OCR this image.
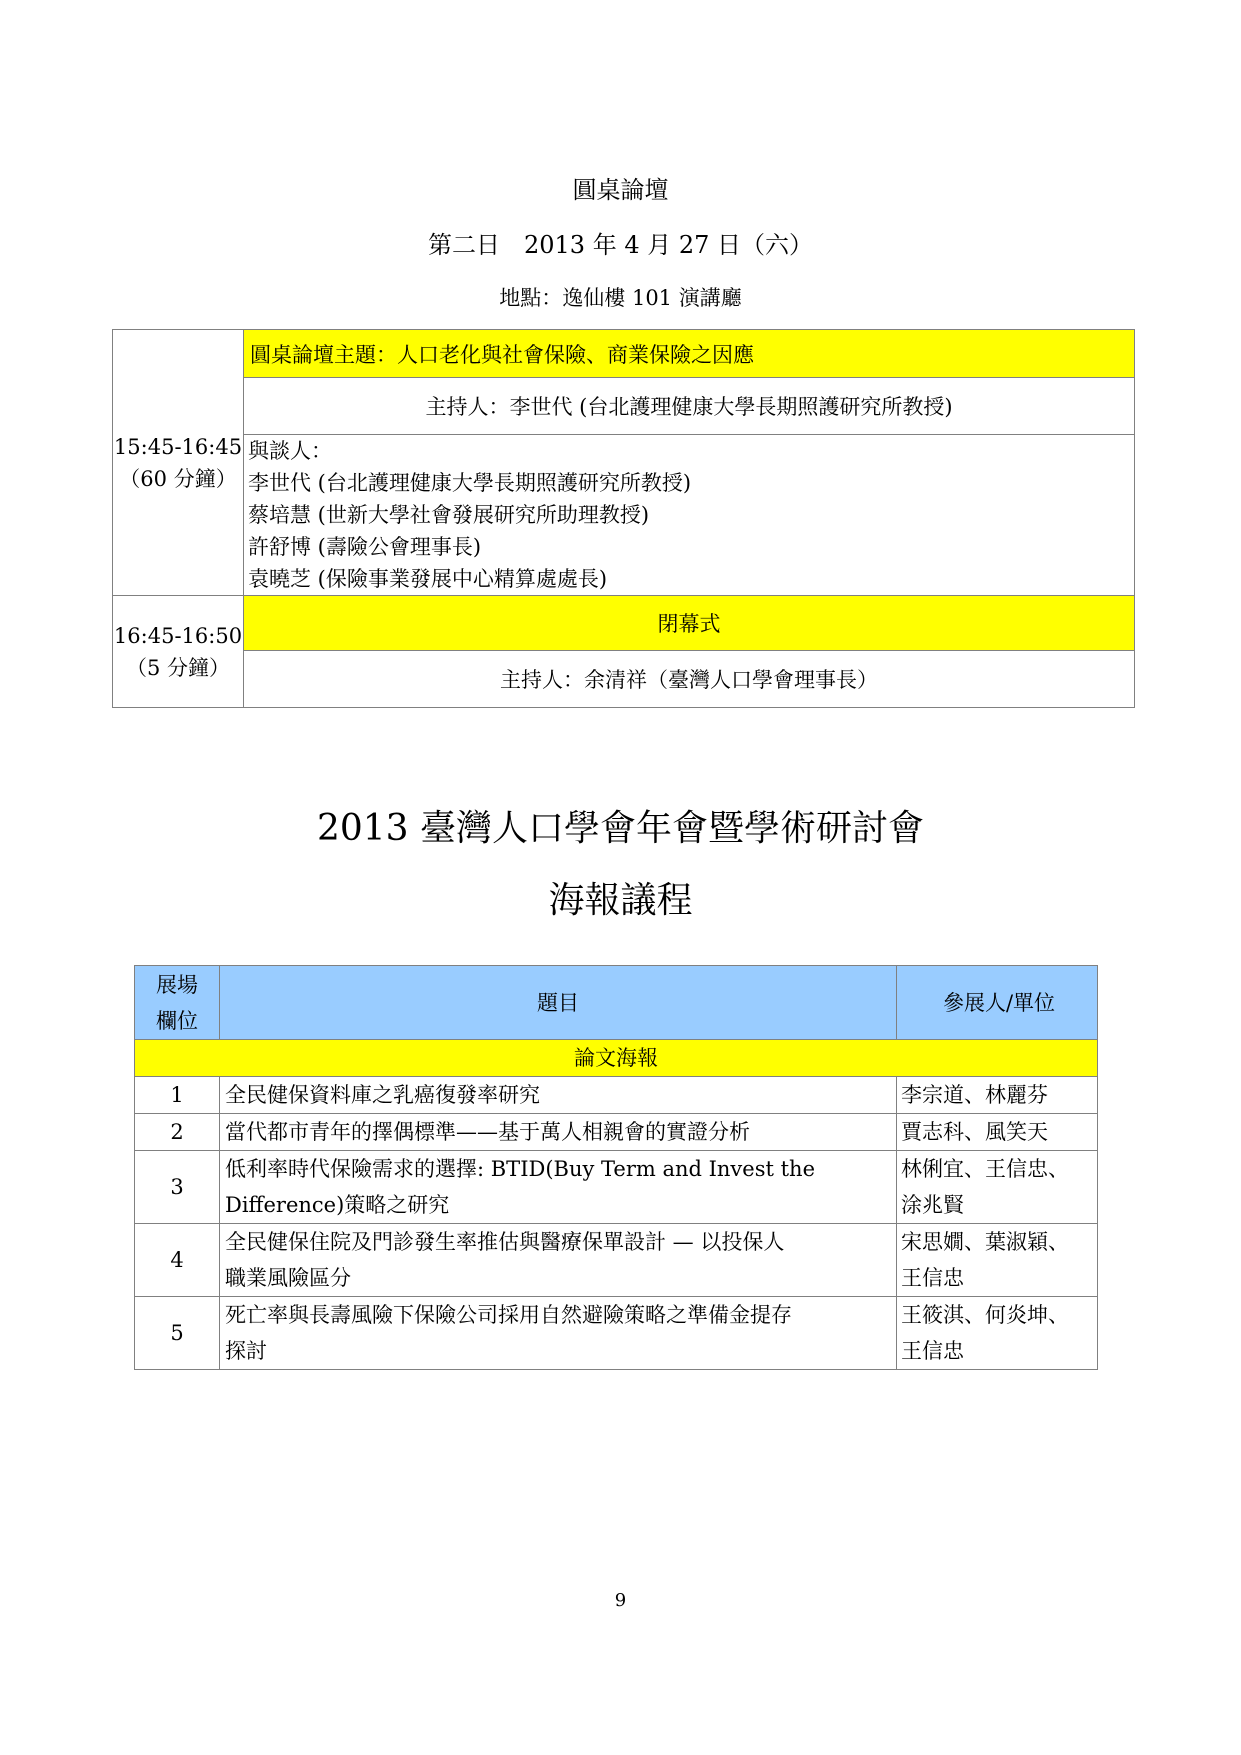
圓桌論壇
第二日　2013 年 4 月 27 日（六）
地點：逸仙樓 101 演講廳
15:45-16:45
（60 分鐘）	圓桌論壇主題：人口老化與社會保險、商業保險之因應
	主持人：李世代 (台北護理健康大學長期照護研究所教授)

	與談人：
李世代 (台北護理健康大學長期照護研究所教授)
蔡培慧 (世新大學社會發展研究所助理教授)
許舒博 (壽險公會理事長)
袁曉芝 (保險事業發展中心精算處處長)

16:45-16:50
（5 分鐘）	閉幕式
	主持人：余清祥（臺灣人口學會理事長）
2013 臺灣人口學會年會暨學術研討會
海報議程
展場
欄位	題目	參展人/單位
論文海報		
1	全民健保資料庫之乳癌復發率研究	李宗道、林麗芬

2	當代都市青年的擇偶標準——基于萬人相親會的實證分析	賈志科、風笑天

3	低利率時代保險需求的選擇: BTID(Buy Term and Invest the
Difference)策略之研究	林俐宜、王信忠、
涂兆賢

4	全民健保住院及門診發生率推估與醫療保單設計 — 以投保人
職業風險區分	宋思嫺、葉淑穎、
王信忠

5	死亡率與長壽風險下保險公司採用自然避險策略之準備金提存
探討	王筱淇、何炎坤、
王信忠
9
